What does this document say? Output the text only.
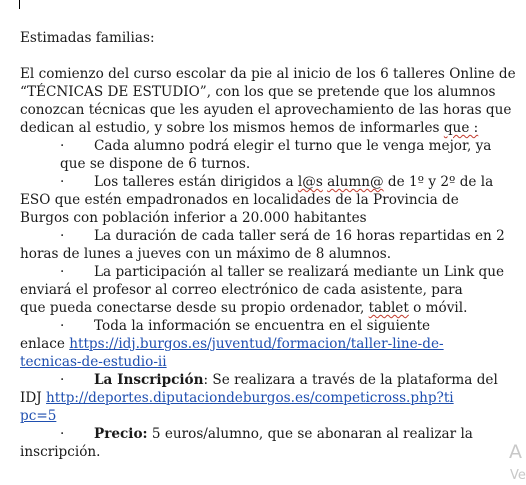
Estimadas familias:

El comienzo del curso escolar da pie al inicio de los 6 talleres Online de
“TÉCNICAS DE ESTUDIO”, con los que se pretende que los alumnos
conozcan técnicas que les ayuden el aprovechamiento de las horas que
dedican al estudio, y sobre los mismos hemos de informarles que :
· Cada alumno podrá elegir el turno que le venga mejor, ya
que se dispone de 6 turnos.
· Los talleres están dirigidos a l@s alumn@ de 1º y 2º de la
ESO que estén empadronados en localidades de la Provincia de
Burgos con población inferior a 20.000 habitantes
· La duración de cada taller será de 16 horas repartidas en 2
horas de lunes a jueves con un máximo de 8 alumnos.
· La participación al taller se realizará mediante un Link que
enviará el profesor al correo electrónico de cada asistente, para
que pueda conectarse desde su propio ordenador, tablet o móvil.
· Toda la información se encuentra en el siguiente
enlace https://idj.burgos.es/juventud/formacion/taller-line-de-
tecnicas-de-estudio-ii
· La Inscripción: Se realizara a través de la plataforma del
IDJ http://deportes.diputaciondeburgos.es/competicross.php?ti
pc=5
· Precio: 5 euros/alumno, que se abonaran al realizar la
inscripción.	A
Ve
